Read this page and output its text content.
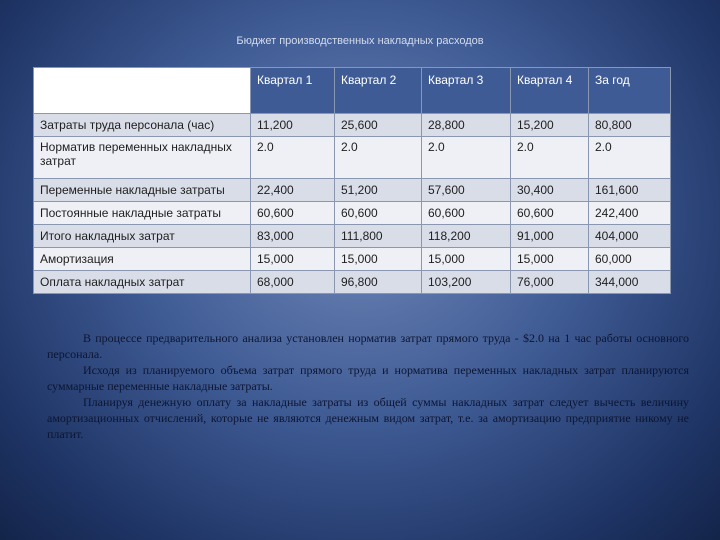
Бюджет производственных накладных расходов
	Квартал 1	Квартал 2	Квартал 3	Квартал 4	За год
Затраты труда персонала (час)	11,200	25,600	28,800	15,200	80,800
Норматив переменных накладных затрат	2.0	2.0	2.0	2.0	2.0
Переменные накладные затраты	22,400	51,200	57,600	30,400	161,600
Постоянные накладные затраты	60,600	60,600	60,600	60,600	242,400
Итого накладных затрат	83,000	111,800	118,200	91,000	404,000
Амортизация	15,000	15,000	15,000	15,000	60,000
Оплата накладных затрат	68,000	96,800	103,200	76,000	344,000

В процессе предварительного анализа установлен норматив затрат прямого труда - $2.0 на 1 час работы основного персонала.

Исходя из планируемого объема затрат прямого труда и норматива переменных накладных затрат планируются суммарные переменные накладные затраты.

Планируя денежную оплату за накладные затраты из общей суммы накладных затрат следует вычесть величину амортизационных отчислений, которые не являются денежным видом затрат, т.е. за амортизацию предприятие никому не платит.
